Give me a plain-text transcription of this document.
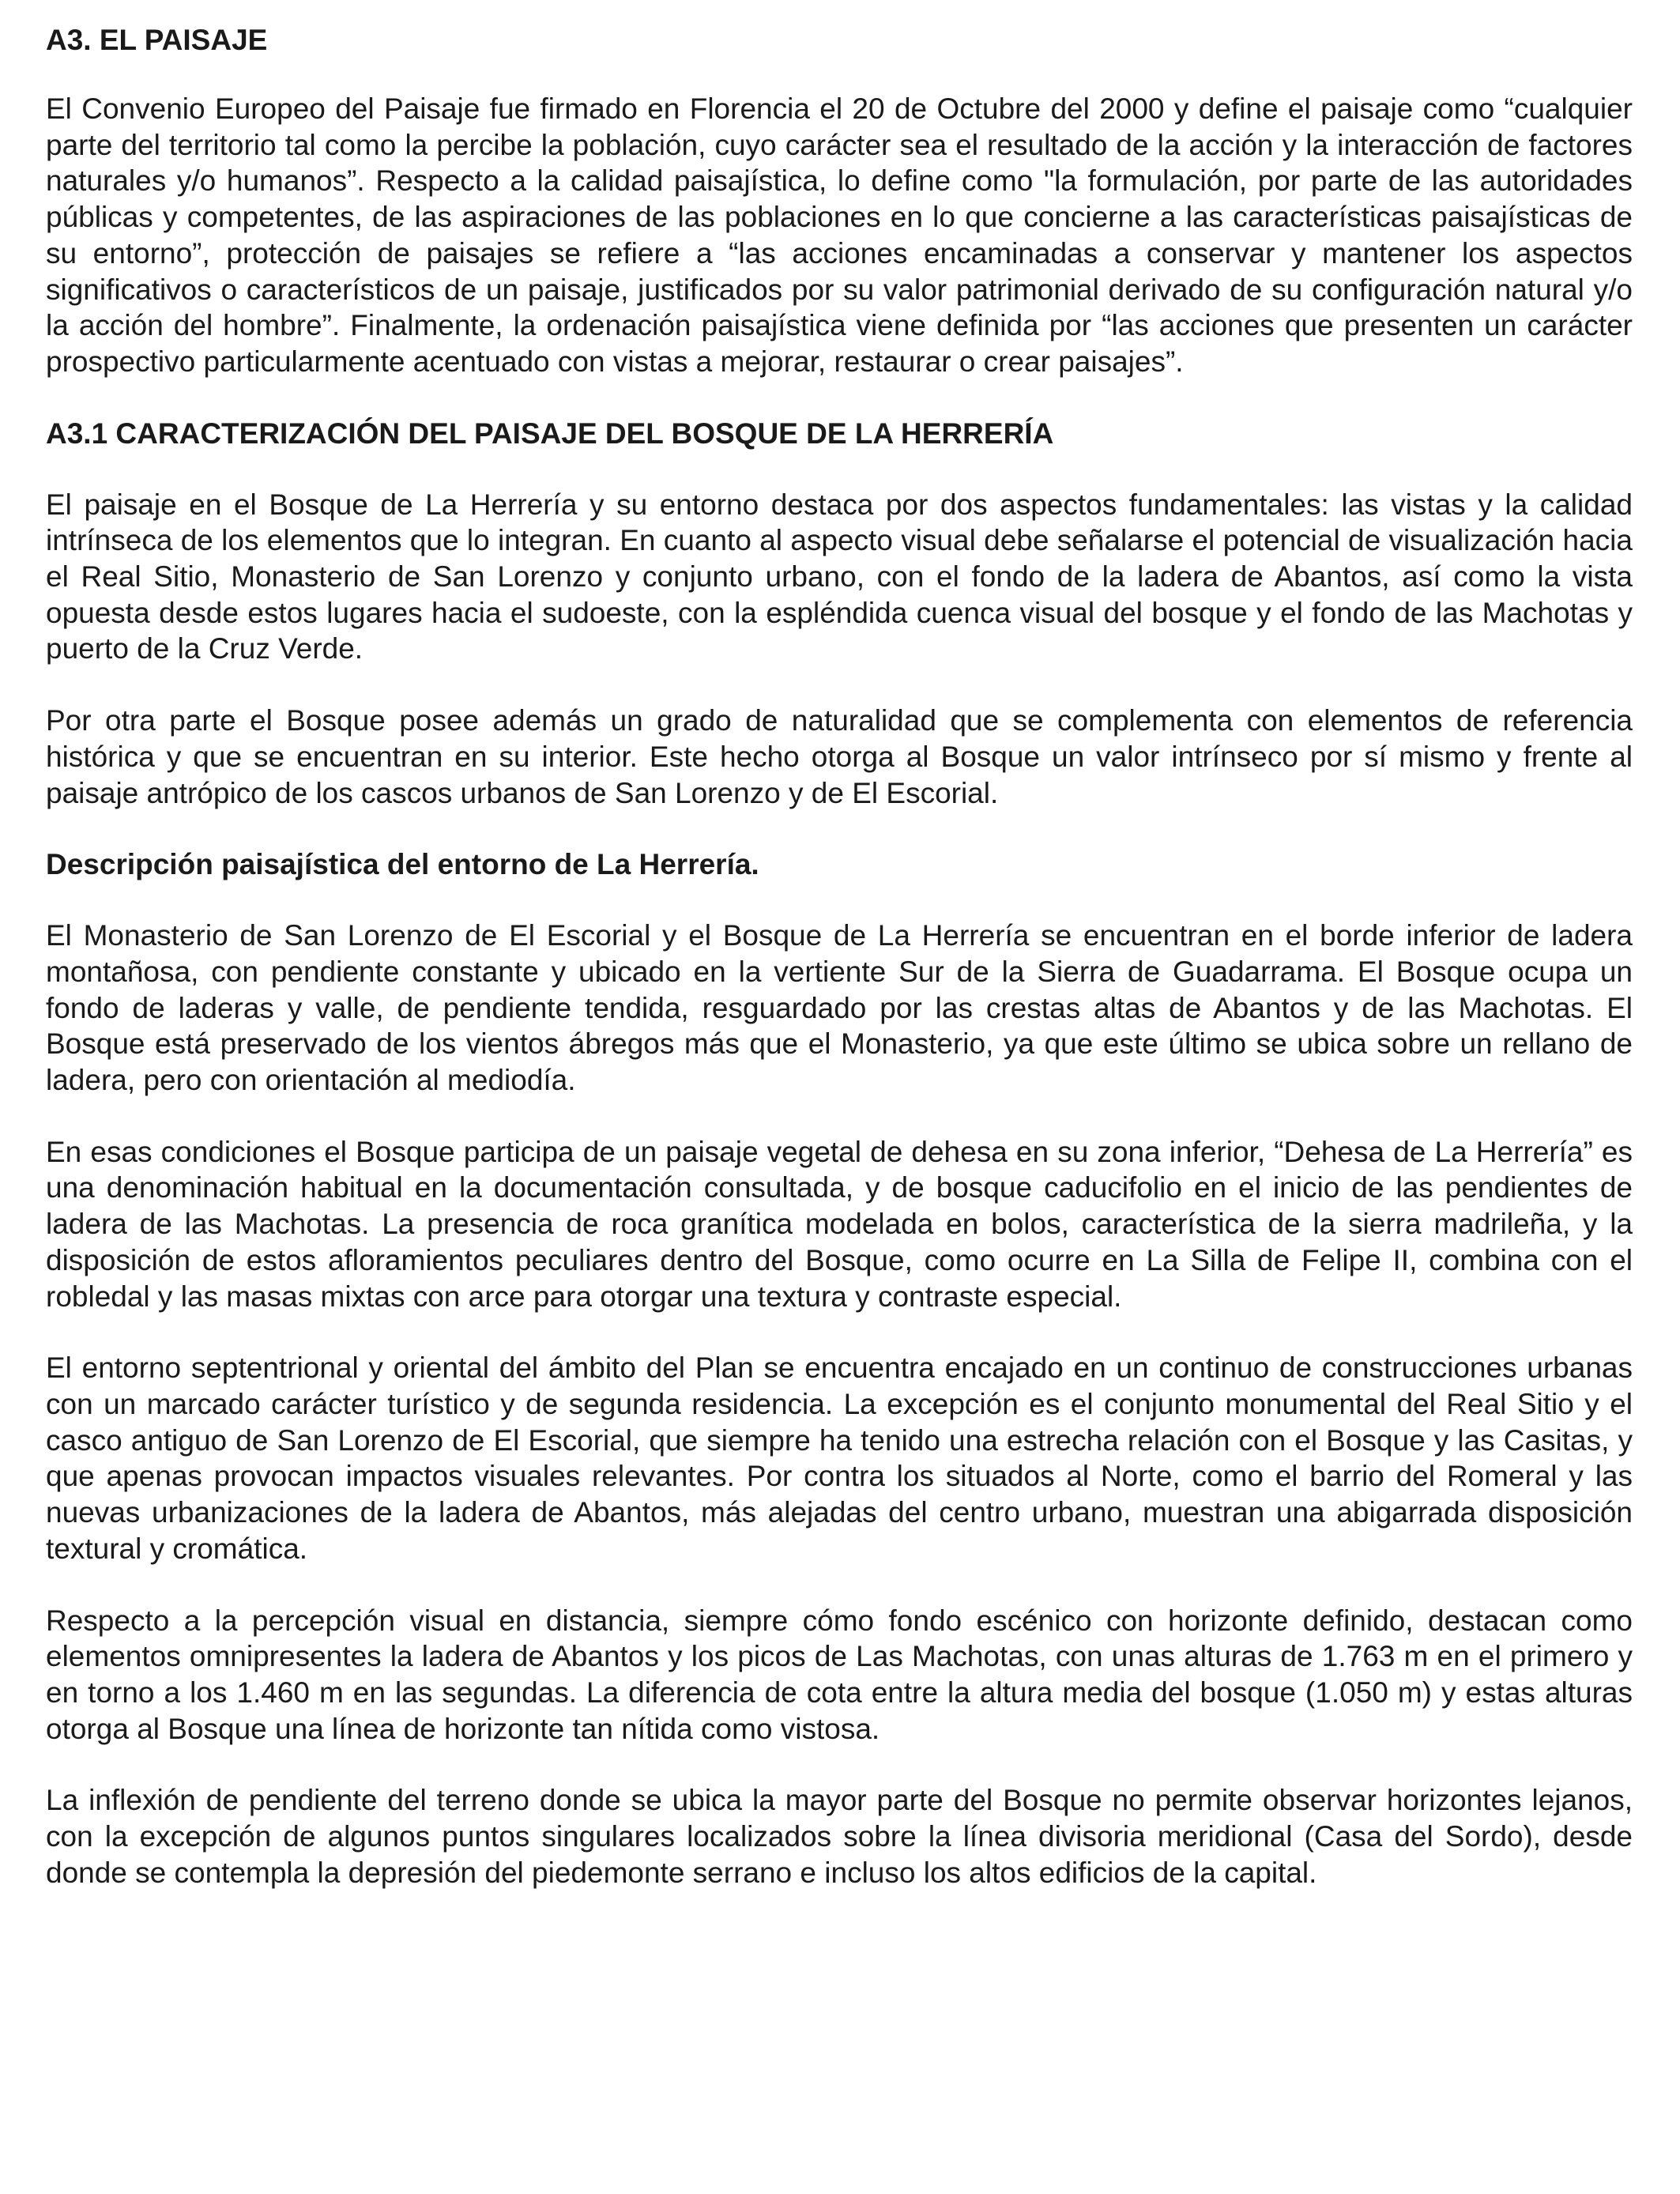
A3. EL PAISAJE

El Convenio Europeo del Paisaje fue firmado en Florencia el 20 de Octubre del 2000 y define el paisaje como “cualquier parte del territorio tal como la percibe la población, cuyo carácter sea el resultado de la acción y la interacción de factores naturales y/o humanos”. Respecto a la calidad paisajística, lo define como "la formulación, por parte de las autoridades públicas y competentes, de las aspiraciones de las poblaciones en lo que concierne a las características paisajísticas de su entorno”, protección de paisajes se refiere a “las acciones encaminadas a conservar y mantener los aspectos significativos o característicos de un paisaje, justificados por su valor patrimonial derivado de su configuración natural y/o la acción del hombre”. Finalmente, la ordenación paisajística viene definida por “las acciones que presenten un carácter prospectivo particularmente acentuado con vistas a mejorar, restaurar o crear paisajes”.

A3.1 CARACTERIZACIÓN DEL PAISAJE DEL BOSQUE DE LA HERRERÍA

El paisaje en el Bosque de La Herrería y su entorno destaca por dos aspectos fundamentales: las vistas y la calidad intrínseca de los elementos que lo integran. En cuanto al aspecto visual debe señalarse el potencial de visualización hacia el Real Sitio, Monasterio de San Lorenzo y conjunto urbano, con el fondo de la ladera de Abantos, así como la vista opuesta desde estos lugares hacia el sudoeste, con la espléndida cuenca visual del bosque y el fondo de las Machotas y puerto de la Cruz Verde.

Por otra parte el Bosque posee además un grado de naturalidad que se complementa con elementos de referencia histórica y que se encuentran en su interior. Este hecho otorga al Bosque un valor intrínseco por sí mismo y frente al paisaje antrópico de los cascos urbanos de San Lorenzo y de El Escorial.

Descripción paisajística del entorno de La Herrería.

El Monasterio de San Lorenzo de El Escorial y el Bosque de La Herrería se encuentran en el borde inferior de ladera montañosa, con pendiente constante y ubicado en la vertiente Sur de la Sierra de Guadarrama. El Bosque ocupa un fondo de laderas y valle, de pendiente tendida, resguardado por las crestas altas de Abantos y de las Machotas. El Bosque está preservado de los vientos ábregos más que el Monasterio, ya que este último se ubica sobre un rellano de ladera, pero con orientación al mediodía.

En esas condiciones el Bosque participa de un paisaje vegetal de dehesa en su zona inferior, “Dehesa de La Herrería” es una denominación habitual en la documentación consultada, y de bosque caducifolio en el inicio de las pendientes de ladera de las Machotas. La presencia de roca granítica modelada en bolos, característica de la sierra madrileña, y la disposición de estos afloramientos peculiares dentro del Bosque, como ocurre en La Silla de Felipe II, combina con el robledal y las masas mixtas con arce para otorgar una textura y contraste especial.

El entorno septentrional y oriental del ámbito del Plan se encuentra encajado en un continuo de construcciones urbanas con un marcado carácter turístico y de segunda residencia. La excepción es el conjunto monumental del Real Sitio y el casco antiguo de San Lorenzo de El Escorial, que siempre ha tenido una estrecha relación con el Bosque y las Casitas, y que apenas provocan impactos visuales relevantes. Por contra los situados al Norte, como el barrio del Romeral y las nuevas urbanizaciones de la ladera de Abantos, más alejadas del centro urbano, muestran una abigarrada disposición textural y cromática.

Respecto a la percepción visual en distancia, siempre cómo fondo escénico con horizonte definido, destacan como elementos omnipresentes la ladera de Abantos y los picos de Las Machotas, con unas alturas de 1.763 m en el primero y en torno a los 1.460 m en las segundas. La diferencia de cota entre la altura media del bosque (1.050 m) y estas alturas otorga al Bosque una línea de horizonte tan nítida como vistosa.

La inflexión de pendiente del terreno donde se ubica la mayor parte del Bosque no permite observar horizontes lejanos, con la excepción de algunos puntos singulares localizados sobre la línea divisoria meridional (Casa del Sordo), desde donde se contempla la depresión del piedemonte serrano e incluso los altos edificios de la capital.
